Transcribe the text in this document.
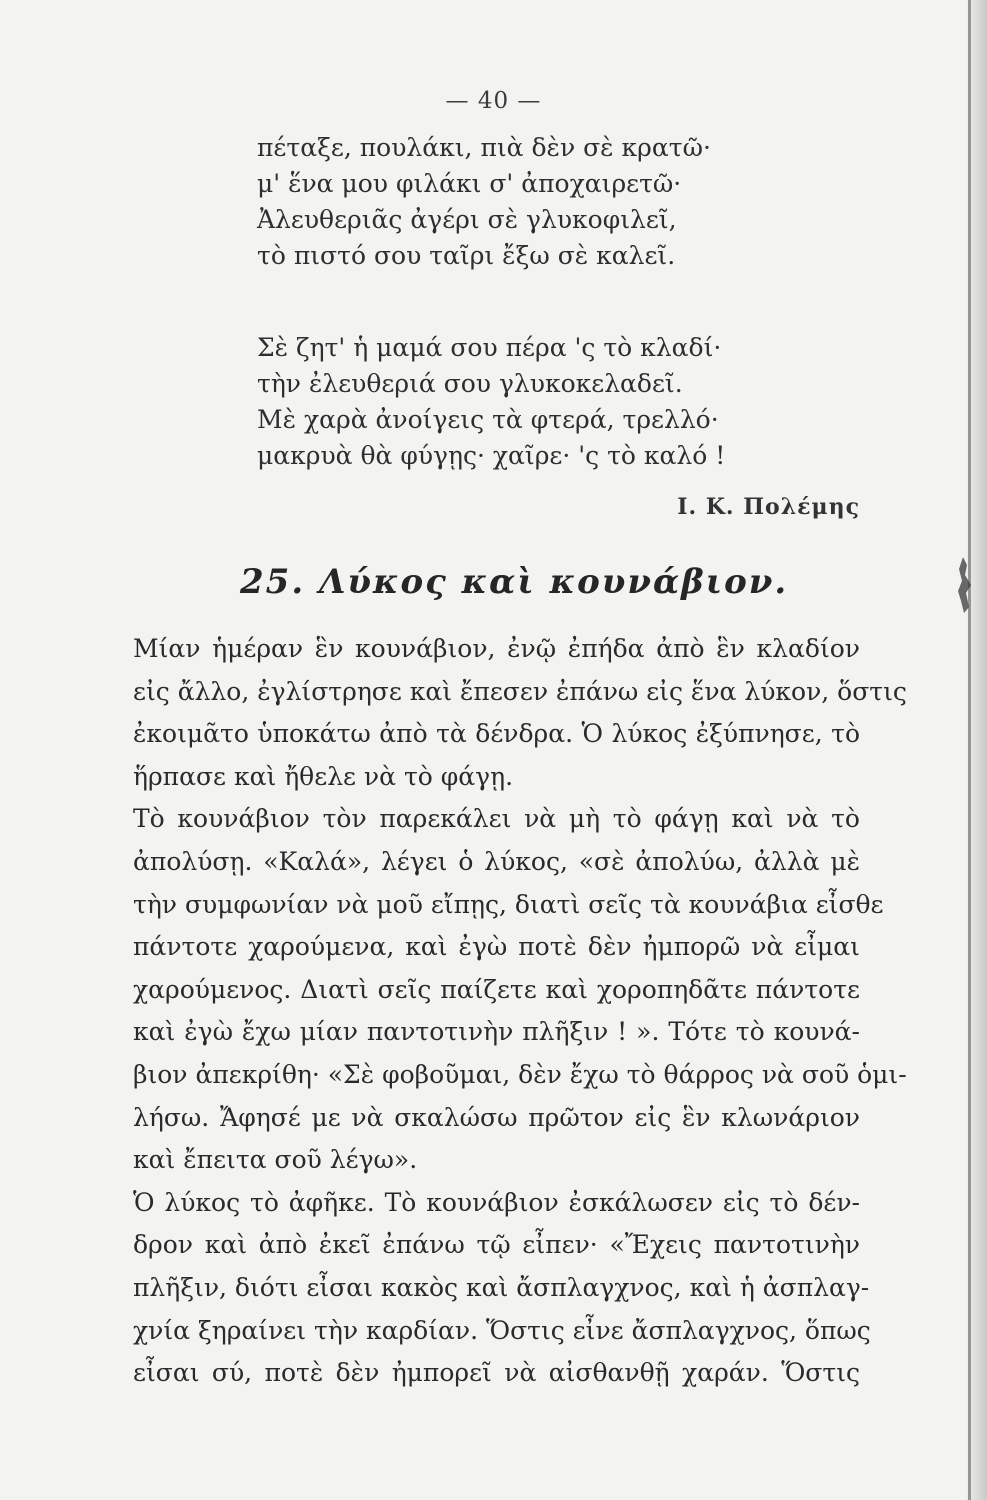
— 40 —
πέταξε, πουλάκι, πιὰ δὲν σὲ κρατῶ·
μ' ἕνα μου φιλάκι σ' ἀποχαιρετῶ·
Ἀλευθεριᾶς ἀγέρι σὲ γλυκοφιλεῖ,
τὸ πιστό σου ταῖρι ἔξω σὲ καλεῖ.
Σὲ ζητ' ἡ μαμά σου πέρα 'ς τὸ κλαδί·
τὴν ἐλευθεριά σου γλυκοκελαδεῖ.
Μὲ χαρὰ ἀνοίγεις τὰ φτερά, τρελλό·
μακρυὰ θὰ φύγῃς· χαῖρε· 'ς τὸ καλό !
Ι. Κ. Πολέμης
25. Λύκος καὶ κουνάβιον.
Μίαν ἡμέραν ἓν κουνάβιον, ἐνῷ ἐπήδα ἀπὸ ἓν κλαδίον
εἰς ἄλλο, ἐγλίστρησε καὶ ἔπεσεν ἐπάνω εἰς ἕνα λύκον, ὅστις
ἐκοιμᾶτο ὑποκάτω ἀπὸ τὰ δένδρα. Ὁ λύκος ἐξύπνησε, τὸ
ἥρπασε καὶ ἤθελε νὰ τὸ φάγῃ.
Τὸ κουνάβιον τὸν παρεκάλει νὰ μὴ τὸ φάγῃ καὶ νὰ τὸ
ἀπολύσῃ. «Καλά», λέγει ὁ λύκος, «σὲ ἀπολύω, ἀλλὰ μὲ
τὴν συμφωνίαν νὰ μοῦ εἴπῃς, διατὶ σεῖς τὰ κουνάβια εἶσθε
πάντοτε χαρούμενα, καὶ ἐγὼ ποτὲ δὲν ἠμπορῶ νὰ εἶμαι
χαρούμενος. Διατὶ σεῖς παίζετε καὶ χοροπηδᾶτε πάντοτε
καὶ ἐγὼ ἔχω μίαν παντοτινὴν πλῆξιν ! ». Τότε τὸ κουνά-
βιον ἀπεκρίθη· «Σὲ φοβοῦμαι, δὲν ἔχω τὸ θάρρος νὰ σοῦ ὁμι-
λήσω. Ἄφησέ με νὰ σκαλώσω πρῶτον εἰς ἓν κλωνάριον
καὶ ἔπειτα σοῦ λέγω».
Ὁ λύκος τὸ ἀφῆκε. Τὸ κουνάβιον ἐσκάλωσεν εἰς τὸ δέν-
δρον καὶ ἀπὸ ἐκεῖ ἐπάνω τῷ εἶπεν· «Ἔχεις παντοτινὴν
πλῆξιν, διότι εἶσαι κακὸς καὶ ἄσπλαγχνος, καὶ ἡ ἀσπλαγ-
χνία ξηραίνει τὴν καρδίαν. Ὅστις εἶνε ἄσπλαγχνος, ὅπως
εἶσαι σύ, ποτὲ δὲν ἠμπορεῖ νὰ αἰσθανθῇ χαράν. Ὅστις
